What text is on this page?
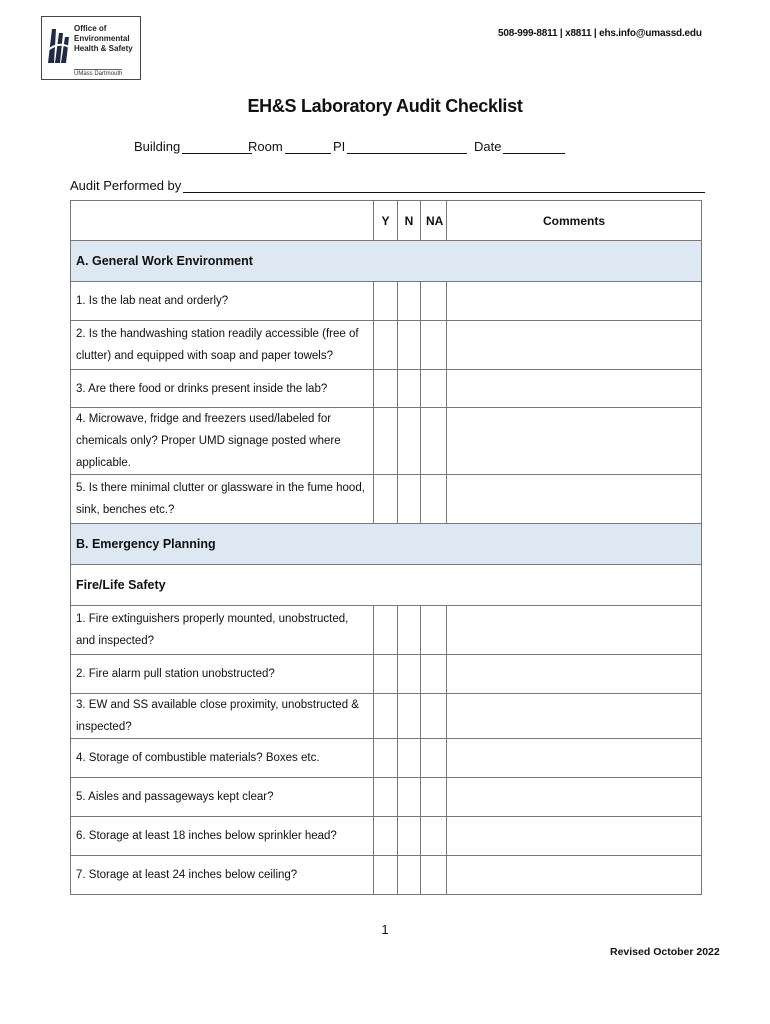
Office of
Environmental
Health & Safety
UMass Dartmouth
508-999-8811 | x8811 | ehs.info@umassd.edu
EH&S Laboratory Audit Checklist
Building	Room	PI	Date
Audit Performed by
	Y	N	NA	Comments
A. General Work Environment				
1. Is the lab neat and orderly?				
2. Is the handwashing station readily accessible (free of clutter) and equipped with soap and paper towels?				
3. Are there food or drinks present inside the lab?				
4. Microwave, fridge and freezers used/labeled for chemicals only? Proper UMD signage posted where applicable.				
5. Is there minimal clutter or glassware in the fume hood, sink, benches etc.?				
B. Emergency Planning				
Fire/Life Safety				
1. Fire extinguishers properly mounted, unobstructed, and inspected?				
2. Fire alarm pull station unobstructed?				
3. EW and SS available close proximity, unobstructed & inspected?				
4. Storage of combustible materials? Boxes etc.				
5. Aisles and passageways kept clear?				
6. Storage at least 18 inches below sprinkler head?				
7. Storage at least 24 inches below ceiling?				
1
Revised October 2022
